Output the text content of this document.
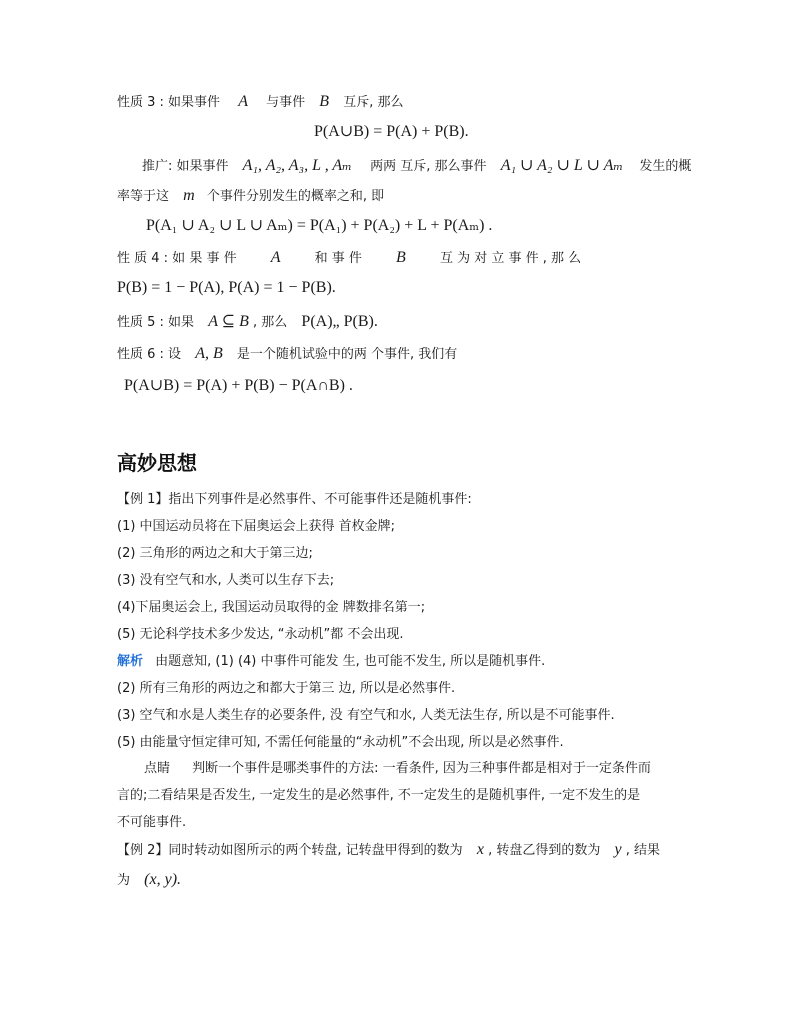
性质 3 : 如果事件 A 与事件 B 互斥, 那么
P(A∪B) = P(A) + P(B).
推广: 如果事件 A₁, A₂, A₃, L , Aₘ 两两 互斥, 那么事件 A₁ ∪ A₂ ∪ L ∪ Aₘ 发生的概
率等于这 m 个事件分别发生的概率之和, 即
P(A₁ ∪ A₂ ∪ L ∪ Aₘ) = P(A₁) + P(A₂) + L + P(Aₘ) .
性 质 4 : 如 果 事 件 A	和 事 件 B	互 为 对 立 事 件 , 那 么
P(B) = 1 − P(A), P(A) = 1 − P(B).
性质 5 : 如果 A ⊆ B , 那么 P(A)„ P(B).
性质 6 : 设 A, B 是一个随机试验中的两 个事件, 我们有
P(A∪B) = P(A) + P(B) − P(A∩B) .
高妙思想
【例 1】指出下列事件是必然事件、不可能事件还是随机事件:
(1) 中国运动员将在下届奥运会上获得 首枚金牌;
(2) 三角形的两边之和大于第三边;
(3) 没有空气和水, 人类可以生存下去;
(4)下届奥运会上, 我国运动员取得的金 牌数排名第一;
(5) 无论科学技术多少发达, “永动机”都 不会出现.
解析 由题意知, (1) (4) 中事件可能发 生, 也可能不发生, 所以是随机事件.
(2) 所有三角形的两边之和都大于第三 边, 所以是必然事件.
(3) 空气和水是人类生存的必要条件, 没 有空气和水, 人类无法生存, 所以是不可能事件.
(5) 由能量守恒定律可知, 不需任何能量的“永动机”不会出现, 所以是必然事件.
点睛 判断一个事件是哪类事件的方法: 一看条件, 因为三种事件都是相对于一定条件而
言的;二看结果是否发生, 一定发生的是必然事件, 不一定发生的是随机事件, 一定不发生的是
不可能事件.
【例 2】同时转动如图所示的两个转盘, 记转盘甲得到的数为 x , 转盘乙得到的数为 y , 结果
为 (x, y).
